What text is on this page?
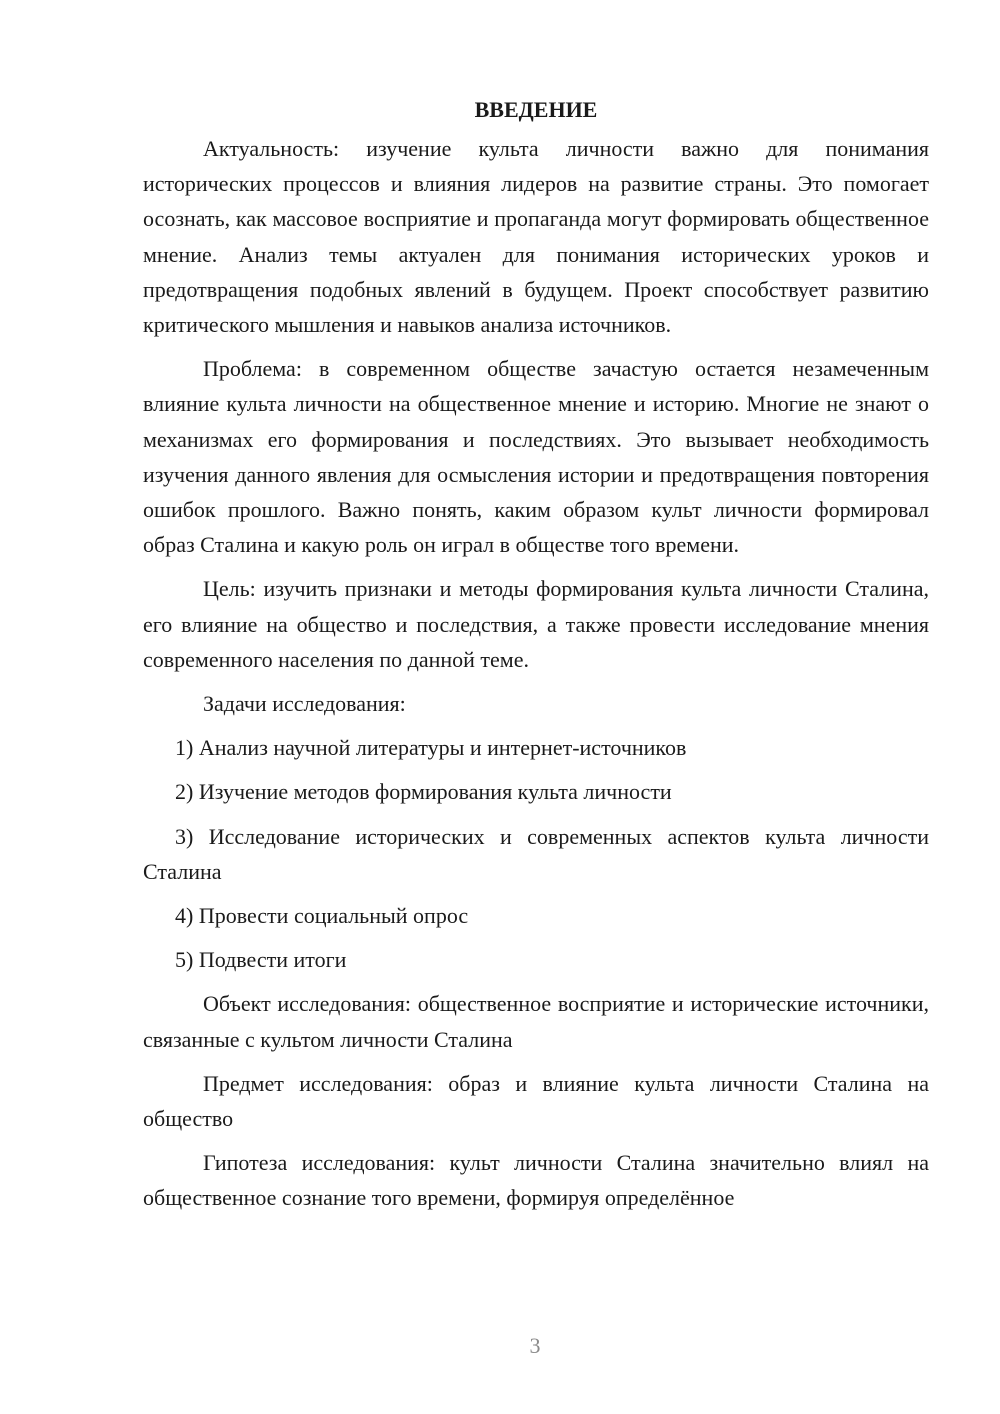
ВВЕДЕНИЕ

Актуальность: изучение культа личности важно для понимания исторических процессов и влияния лидеров на развитие страны. Это помогает осознать, как массовое восприятие и пропаганда могут формировать общественное мнение. Анализ темы актуален для понимания исторических уроков и предотвращения подобных явлений в будущем. Проект способствует развитию критического мышления и навыков анализа источников.

Проблема: в современном обществе зачастую остается незамеченным влияние культа личности на общественное мнение и историю. Многие не знают о механизмах его формирования и последствиях. Это вызывает необходимость изучения данного явления для осмысления истории и предотвращения повторения ошибок прошлого. Важно понять, каким образом культ личности формировал образ Сталина и какую роль он играл в обществе того времени.

Цель: изучить признаки и методы формирования культа личности Сталина, его влияние на общество и последствия, а также провести исследование мнения современного населения по данной теме.

Задачи исследования:

1) Анализ научной литературы и интернет-источников

2) Изучение методов формирования культа личности

3) Исследование исторических и современных аспектов культа личности Сталина

4) Провести социальный опрос

5) Подвести итоги

Объект исследования: общественное восприятие и исторические источники, связанные с культом личности Сталина

Предмет исследования: образ и влияние культа личности Сталина на общество

Гипотеза исследования: культ личности Сталина значительно влиял на общественное сознание того времени, формируя определённое

3
